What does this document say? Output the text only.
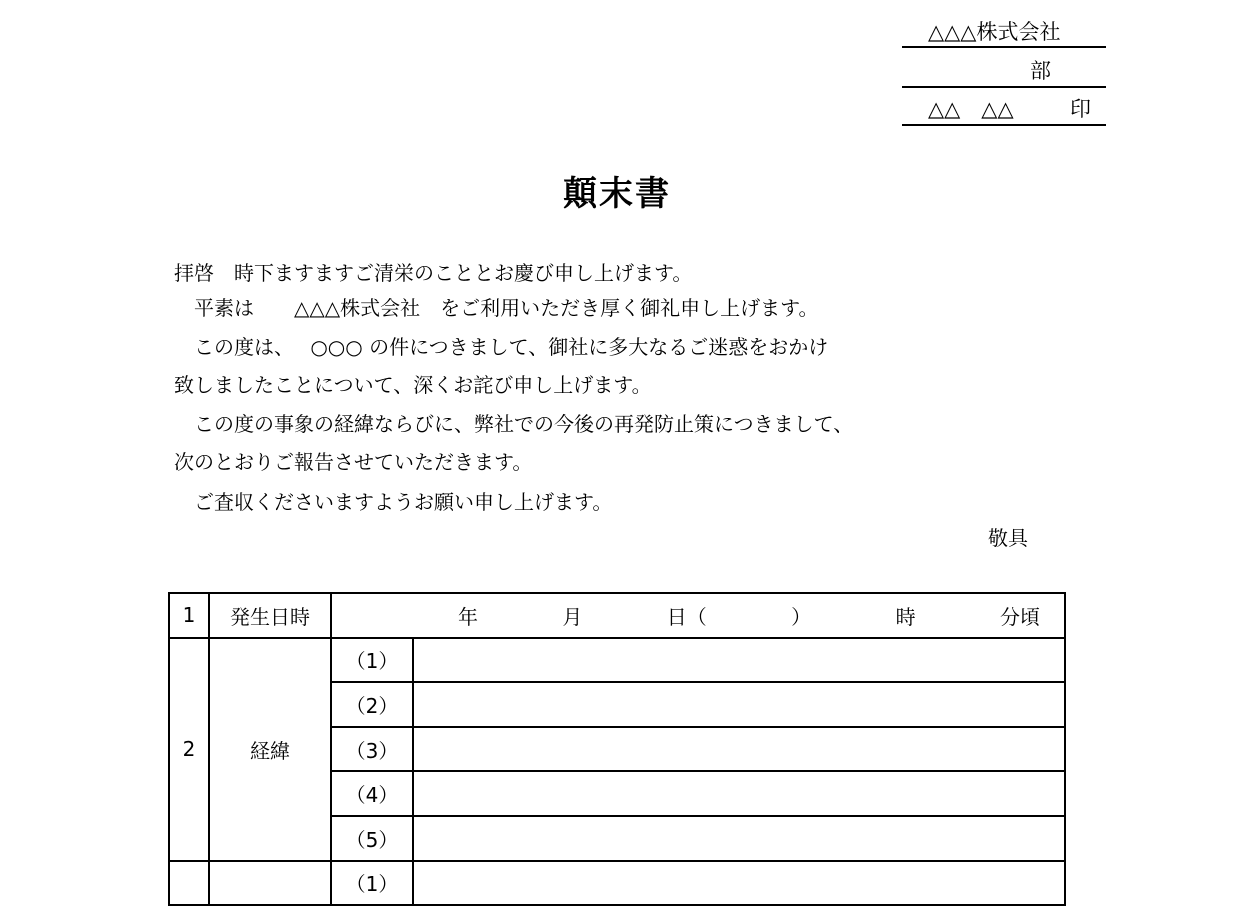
△△△株式会社
部
△△　△△	印
顛末書
拝啓　時下ますますご清栄のこととお慶び申し上げます。
　平素は　　△△△株式会社　をご利用いただき厚く御礼申し上げます。
　この度は、　 ○○○ の件につきまして、御社に多大なるご迷惑をおかけ
致しましたことについて、深くお詫び申し上げます。
　この度の事象の経緯ならびに、弊社での今後の再発防止策につきまして、
次のとおりご報告させていただきます。
　ご査収くださいますようお願い申し上げます。
敬具
1	発生日時	年	月	日（	）	時	分頃

2	経緯	（1）	
		（2）	
		（3）	
		（4）	
		（5）	
		（1）	
